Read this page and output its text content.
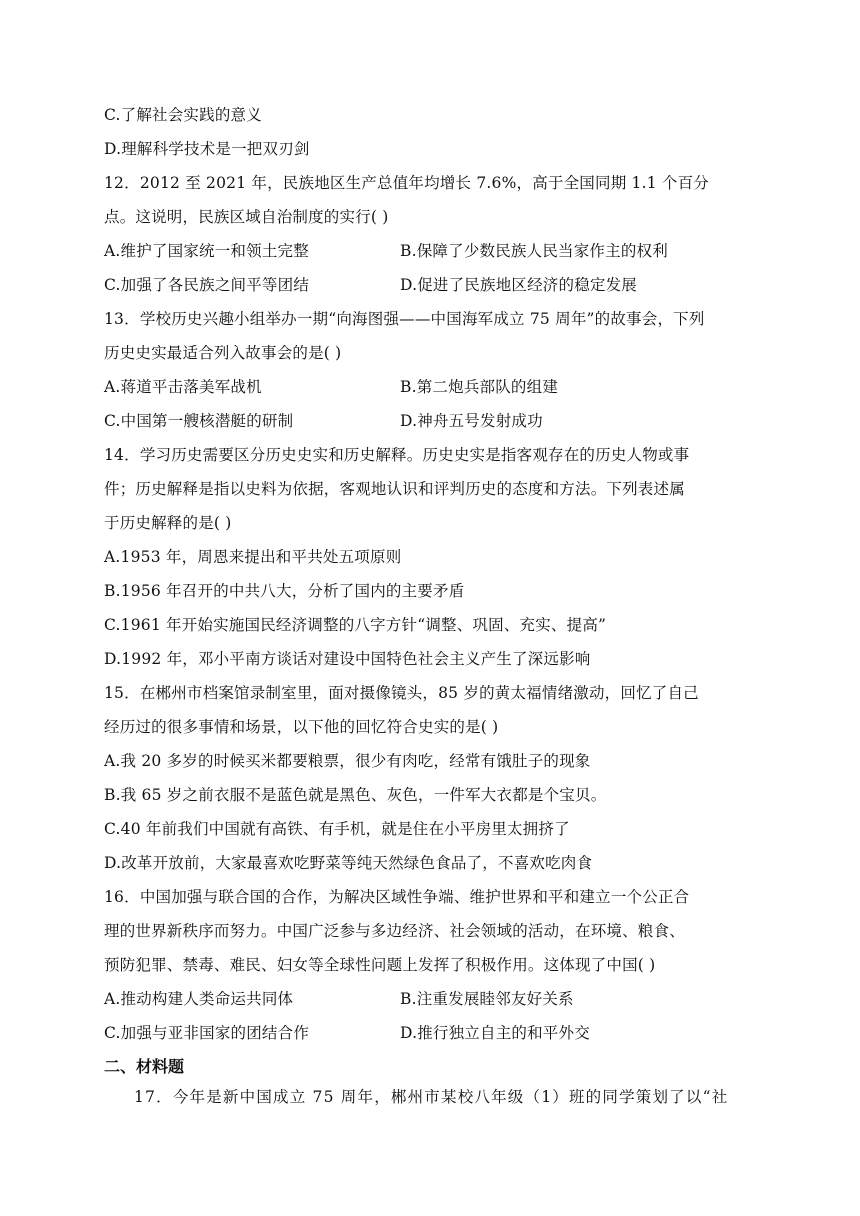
C.了解社会实践的意义
D.理解科学技术是一把双刃剑
12．2012 至 2021 年，民族地区生产总值年均增长 7.6%，高于全国同期 1.1 个百分
点。这说明，民族区域自治制度的实行( )
A.维护了国家统一和领土完整	B.保障了少数民族人民当家作主的权利
C.加强了各民族之间平等团结	D.促进了民族地区经济的稳定发展
13．学校历史兴趣小组举办一期“向海图强——中国海军成立 75 周年”的故事会，下列
历史史实最适合列入故事会的是( )
A.蒋道平击落美军战机	B.第二炮兵部队的组建
C.中国第一艘核潜艇的研制	D.神舟五号发射成功
14．学习历史需要区分历史史实和历史解释。历史史实是指客观存在的历史人物或事
件；历史解释是指以史料为依据，客观地认识和评判历史的态度和方法。下列表述属
于历史解释的是( )
A.1953 年，周恩来提出和平共处五项原则
B.1956 年召开的中共八大，分析了国内的主要矛盾
C.1961 年开始实施国民经济调整的八字方针“调整、巩固、充实、提高”
D.1992 年，邓小平南方谈话对建设中国特色社会主义产生了深远影响
15．在郴州市档案馆录制室里，面对摄像镜头，85 岁的黄太福情绪激动，回忆了自己
经历过的很多事情和场景，以下他的回忆符合史实的是( )
A.我 20 多岁的时候买米都要粮票，很少有肉吃，经常有饿肚子的现象
B.我 65 岁之前衣服不是蓝色就是黑色、灰色，一件军大衣都是个宝贝。
C.40 年前我们中国就有高铁、有手机，就是住在小平房里太拥挤了
D.改革开放前，大家最喜欢吃野菜等纯天然绿色食品了，不喜欢吃肉食
16．中国加强与联合国的合作，为解决区域性争端、维护世界和平和建立一个公正合
理的世界新秩序而努力。中国广泛参与多边经济、社会领域的活动，在环境、粮食、
预防犯罪、禁毒、难民、妇女等全球性问题上发挥了积极作用。这体现了中国( )
A.推动构建人类命运共同体	B.注重发展睦邻友好关系
C.加强与亚非国家的团结合作	D.推行独立自主的和平外交
二、材料题
17．今年是新中国成立 75 周年，郴州市某校八年级（1）班的同学策划了以“社
